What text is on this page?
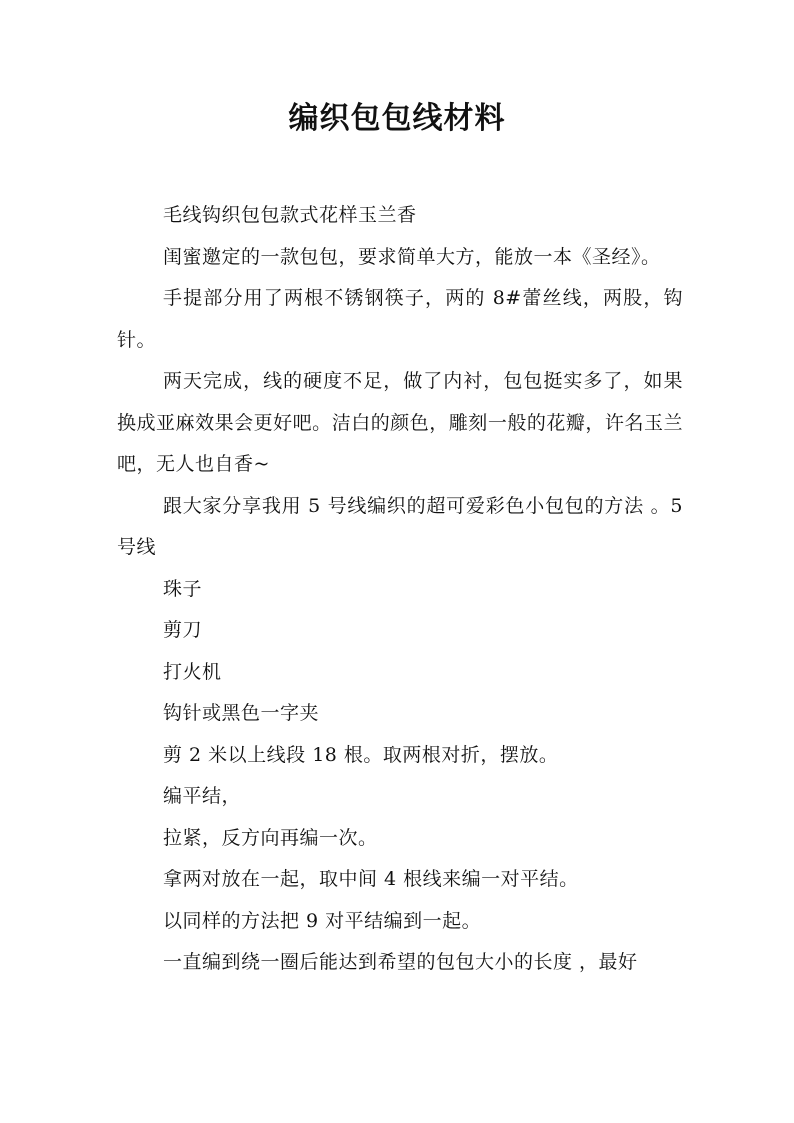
编织包包线材料

毛线钩织包包款式花样玉兰香

闺蜜邀定的一款包包，要求简单大方，能放一本《圣经》。

手提部分用了两根不锈钢筷子，两的 8#蕾丝线，两股，钩针。

两天完成，线的硬度不足，做了内衬，包包挺实多了，如果换成亚麻效果会更好吧。洁白的颜色，雕刻一般的花瓣，许名玉兰吧，无人也自香~

跟大家分享我用 5 号线编织的超可爱彩色小包包的方法 。5 号线

珠子

剪刀

打火机

钩针或黑色一字夹

剪 2 米以上线段 18 根。取两根对折，摆放。

编平结，

拉紧，反方向再编一次。

拿两对放在一起，取中间 4 根线来编一对平结。

以同样的方法把 9 对平结编到一起。

一直编到绕一圈后能达到希望的包包大小的长度 ，最好
